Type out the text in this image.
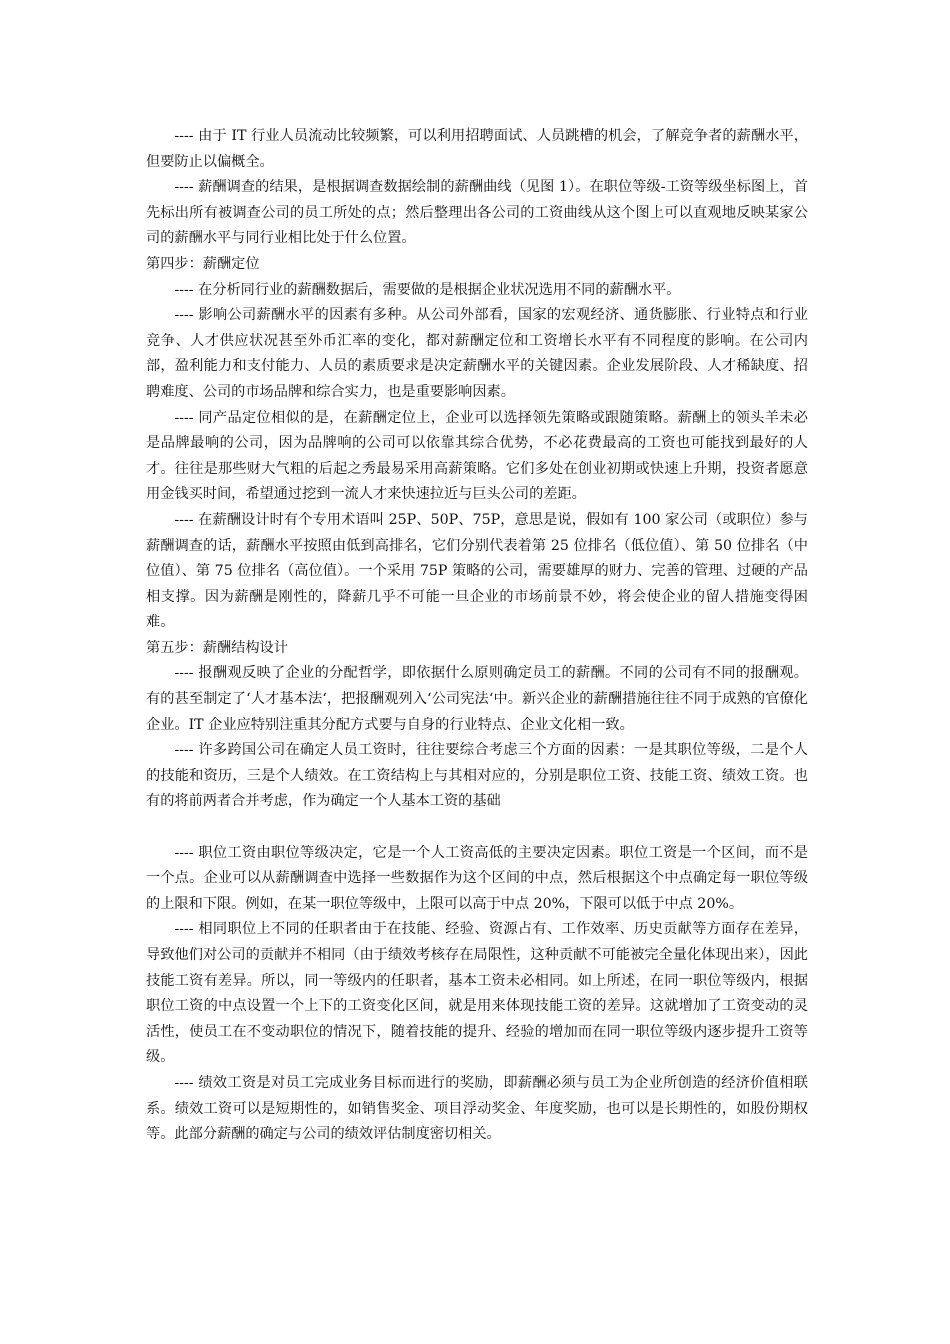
---- 由于 IT 行业人员流动比较频繁，可以利用招聘面试、人员跳槽的机会，了解竞争者的薪酬水平，但要防止以偏概全。

---- 薪酬调查的结果，是根据调查数据绘制的薪酬曲线（见图 1）。在职位等级-工资等级坐标图上，首先标出所有被调查公司的员工所处的点；然后整理出各公司的工资曲线从这个图上可以直观地反映某家公司的薪酬水平与同行业相比处于什么位置。

第四步：薪酬定位

---- 在分析同行业的薪酬数据后，需要做的是根据企业状况选用不同的薪酬水平。

---- 影响公司薪酬水平的因素有多种。从公司外部看，国家的宏观经济、通货膨胀、行业特点和行业竞争、人才供应状况甚至外币汇率的变化，都对薪酬定位和工资增长水平有不同程度的影响。在公司内部，盈利能力和支付能力、人员的素质要求是决定薪酬水平的关键因素。企业发展阶段、人才稀缺度、招聘难度、公司的市场品牌和综合实力，也是重要影响因素。

---- 同产品定位相似的是，在薪酬定位上，企业可以选择领先策略或跟随策略。薪酬上的领头羊未必是品牌最响的公司，因为品牌响的公司可以依靠其综合优势，不必花费最高的工资也可能找到最好的人才。往往是那些财大气粗的后起之秀最易采用高薪策略。它们多处在创业初期或快速上升期，投资者愿意用金钱买时间，希望通过挖到一流人才来快速拉近与巨头公司的差距。

---- 在薪酬设计时有个专用术语叫 25P、50P、75P，意思是说，假如有 100 家公司（或职位）参与薪酬调查的话，薪酬水平按照由低到高排名，它们分别代表着第 25 位排名（低位值）、第 50 位排名（中位值）、第 75 位排名（高位值）。一个采用 75P 策略的公司，需要雄厚的财力、完善的管理、过硬的产品相支撑。因为薪酬是刚性的，降薪几乎不可能一旦企业的市场前景不妙，将会使企业的留人措施变得困难。

第五步：薪酬结构设计

---- 报酬观反映了企业的分配哲学，即依据什么原则确定员工的薪酬。不同的公司有不同的报酬观。有的甚至制定了‘人才基本法‘，把报酬观列入‘公司宪法‘中。新兴企业的薪酬措施往往不同于成熟的官僚化企业。IT 企业应特别注重其分配方式要与自身的行业特点、企业文化相一致。

---- 许多跨国公司在确定人员工资时，往往要综合考虑三个方面的因素：一是其职位等级，二是个人的技能和资历，三是个人绩效。在工资结构上与其相对应的，分别是职位工资、技能工资、绩效工资。也有的将前两者合并考虑，作为确定一个人基本工资的基础

---- 职位工资由职位等级决定，它是一个人工资高低的主要决定因素。职位工资是一个区间，而不是一个点。企业可以从薪酬调查中选择一些数据作为这个区间的中点，然后根据这个中点确定每一职位等级的上限和下限。例如，在某一职位等级中，上限可以高于中点 20%，下限可以低于中点 20%。

---- 相同职位上不同的任职者由于在技能、经验、资源占有、工作效率、历史贡献等方面存在差异，导致他们对公司的贡献并不相同（由于绩效考核存在局限性，这种贡献不可能被完全量化体现出来），因此技能工资有差异。所以，同一等级内的任职者，基本工资未必相同。如上所述，在同一职位等级内，根据职位工资的中点设置一个上下的工资变化区间，就是用来体现技能工资的差异。这就增加了工资变动的灵活性，使员工在不变动职位的情况下，随着技能的提升、经验的增加而在同一职位等级内逐步提升工资等级。

---- 绩效工资是对员工完成业务目标而进行的奖励，即薪酬必须与员工为企业所创造的经济价值相联系。绩效工资可以是短期性的，如销售奖金、项目浮动奖金、年度奖励，也可以是长期性的，如股份期权等。此部分薪酬的确定与公司的绩效评估制度密切相关。
